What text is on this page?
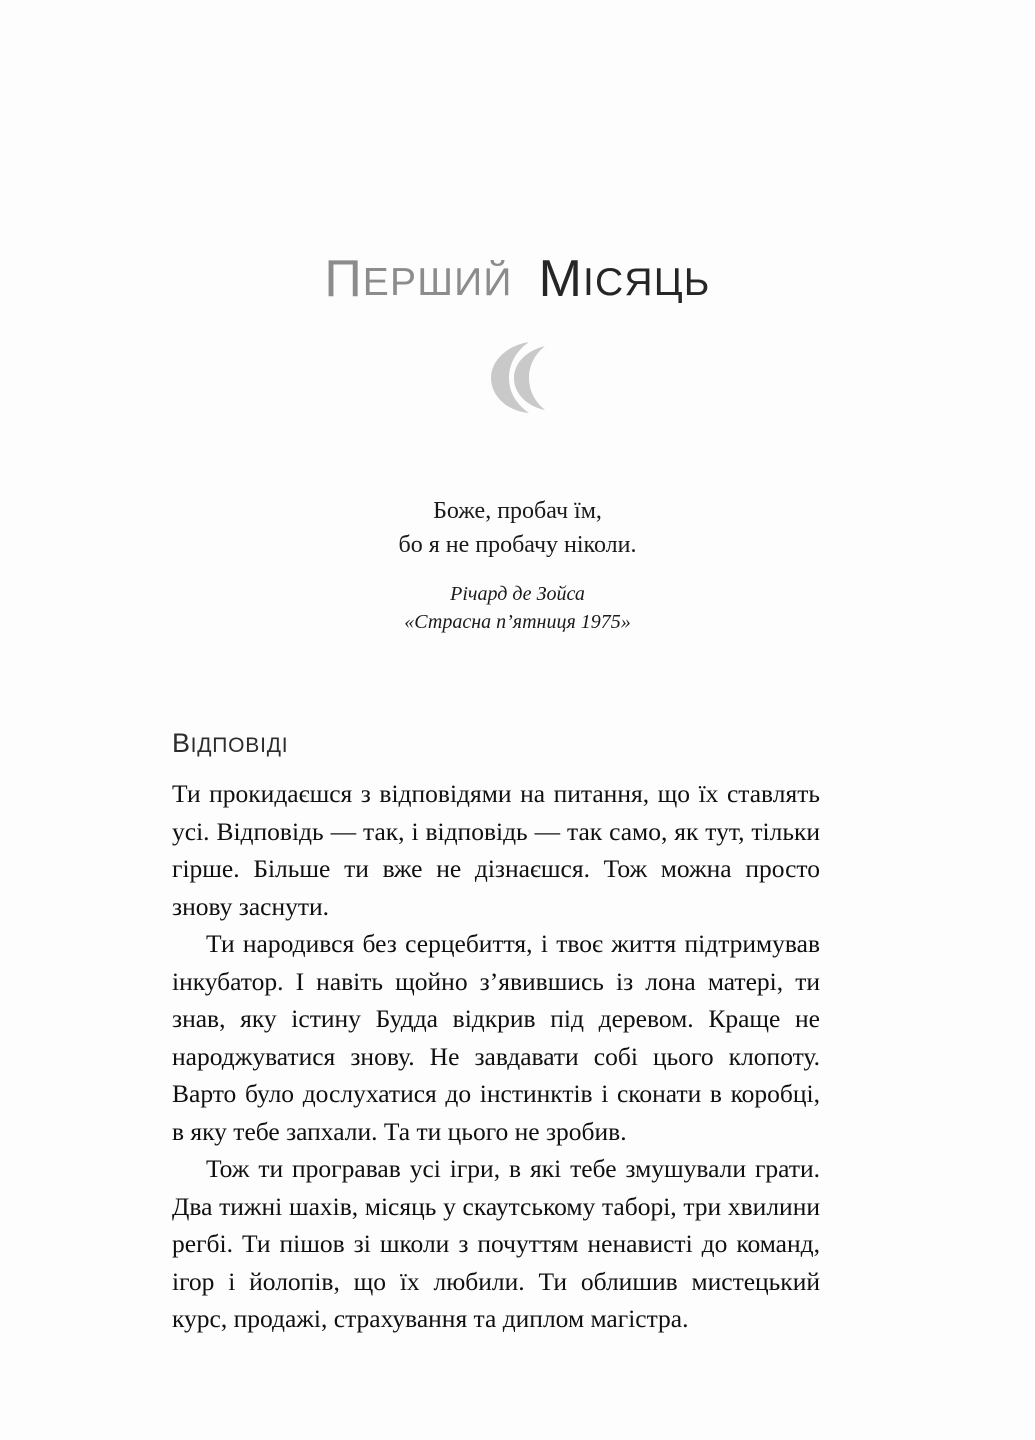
ПЕРШИЙ МІСЯЦЬ
Боже, пробач їм,
бо я не пробачу ніколи.
Річард де Зойса
«Страсна п’ятниця 1975»
ВІДПОВІДІ

Ти прокидаєшся з відповідями на питання, що їх ставлять усі. Відповідь — так, і відповідь — так само, як тут, тільки гірше. Більше ти вже не дізнаєшся. Тож можна просто знову заснути.

Ти народився без серцебиття, і твоє життя підтримував інкубатор. І навіть щойно з’явившись із лона матері, ти знав, яку істину Будда відкрив під деревом. Краще не народжуватися знову. Не завдавати собі цього клопоту. Варто було дослухатися до інстинктів і сконати в коробці, в яку тебе запхали. Та ти цього не зробив.

Тож ти програвав усі ігри, в які тебе змушували грати. Два тижні шахів, місяць у скаутському таборі, три хвилини регбі. Ти пішов зі школи з почуттям ненависті до команд, ігор і йолопів, що їх любили. Ти облишив мистецький курс, продажі, страхування та диплом магістра.
